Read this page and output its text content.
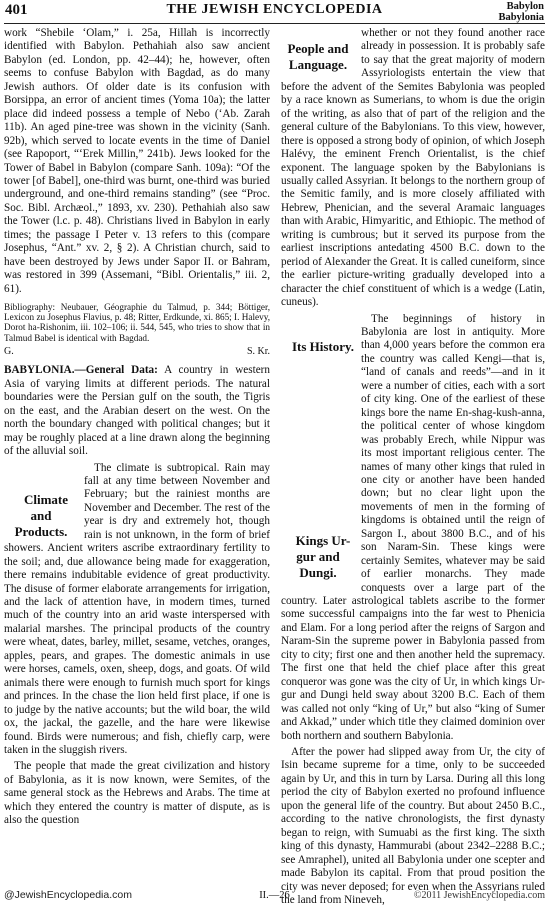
401	THE JEWISH ENCYCLOPEDIA	Babylon
Babylonia

work “Shebile ‘Olam,” i. 25a, Hillah is incorrectly identified with Babylon. Pethahiah also saw ancient Babylon (ed. London, pp. 42–44); he, however, often seems to confuse Babylon with Bagdad, as do many Jewish authors. Of older date is its confusion with Borsippa, an error of ancient times (Yoma 10a); the latter place did indeed possess a temple of Nebo (‘Ab. Zarah 11b). An aged pine-tree was shown in the vicinity (Sanh. 92b), which served to locate events in the time of Daniel (see Rapoport, “‘Erek Millin,” 241b). Jews looked for the Tower of Babel in Babylon (compare Sanh. 109a): “Of the tower [of Babel], one-third was burnt, one-third was buried underground, and one-third remains standing” (see “Proc. Soc. Bibl. Archæol.,” 1893, xv. 230). Pethahiah also saw the Tower (l.c. p. 48). Christians lived in Babylon in early times; the passage I Peter v. 13 refers to this (compare Josephus, “Ant.” xv. 2, § 2). A Christian church, said to have been destroyed by Jews under Sapor II. or Bahram, was restored in 399 (Assemani, “Bibl. Orientalis,” iii. 2, 61).

Bibliography: Neubauer, Géographie du Talmud, p. 344; Böttiger, Lexicon zu Josephus Flavius, p. 48; Ritter, Erdkunde, xi. 865; I. Halevy, Dorot ha-Rishonim, iii. 102–106; ii. 544, 545, who tries to show that in Talmud Babel is identical with Bagdad.
G.	S. Kr.

BABYLONIA.—General Data: A country in western Asia of varying limits at different periods. The natural boundaries were the Persian gulf on the south, the Tigris on the east, and the Arabian desert on the west. On the north the boundary changed with political changes; but it may be roughly placed at a line drawn along the beginning of the alluvial soil.

Climate and Products.
The climate is subtropical. Rain may fall at any time between November and February; but the rainiest months are November and December. The rest of the year is dry and extremely hot, though rain is not unknown, in the form of brief showers. Ancient writers ascribe extraordinary fertility to the soil; and, due allowance being made for exaggeration, there remains indubitable evidence of great productivity. The disuse of former elaborate arrangements for irrigation, and the lack of attention have, in modern times, turned much of the country into an arid waste interspersed with malarial marshes. The principal products of the country were wheat, dates, barley, millet, sesame, vetches, oranges, apples, pears, and grapes. The domestic animals in use were horses, camels, oxen, sheep, dogs, and goats. Of wild animals there were enough to furnish much sport for kings and princes. In the chase the lion held first place, if one is to judge by the native accounts; but the wild boar, the wild ox, the jackal, the gazelle, and the hare were likewise found. Birds were numerous; and fish, chiefly carp, were taken in the sluggish rivers.

The people that made the great civilization and history of Babylonia, as it is now known, were Semites, of the same general stock as the Hebrews and Arabs. The time at which they entered the country is matter of dispute, as is also the question

People and Language.
whether or not they found another race already in possession. It is probably safe to say that the great majority of modern Assyriologists entertain the view that before the advent of the Semites Babylonia was peopled by a race known as Sumerians, to whom is due the origin of the writing, as also that of part of the religion and the general culture of the Babylonians. To this view, however, there is opposed a strong body of opinion, of which Joseph Halévy, the eminent French Orientalist, is the chief exponent. The language spoken by the Babylonians is usually called Assyrian. It belongs to the northern group of the Semitic family, and is more closely affiliated with Hebrew, Phenician, and the several Aramaic languages than with Arabic, Himyaritic, and Ethiopic. The method of writing is cumbrous; but it served its purpose from the earliest inscriptions antedating 4500 B.C. down to the period of Alexander the Great. It is called cuneiform, since the earlier picture-writing gradually developed into a character the chief constituent of which is a wedge (Latin, cuneus).

Its History.
Kings Ur-gur and Dungi.
The beginnings of history in Babylonia are lost in antiquity. More than 4,000 years before the common era the country was called Kengi—that is, “land of canals and reeds”—and in it were a number of cities, each with a sort of city king. One of the earliest of these kings bore the name En-shag-kush-anna, the political center of whose kingdom was probably Erech, while Nippur was its most important religious center. The names of many other kings that ruled in one city or another have been handed down; but no clear light upon the movements of men in the forming of kingdoms is obtained until the reign of Sargon I., about 3800 B.C., and of his son Naram-Sin. These kings were certainly Semites, whatever may be said of earlier monarchs. They made conquests over a large part of the country. Later astrological tablets ascribe to the former some successful campaigns into the far west to Phenicia and Elam. For a long period after the reigns of Sargon and Naram-Sin the supreme power in Babylonia passed from city to city; first one and then another held the supremacy. The first one that held the chief place after this great conqueror was gone was the city of Ur, in which kings Ur-gur and Dungi held sway about 3200 B.C. Each of them was called not only “king of Ur,” but also “king of Sumer and Akkad,” under which title they claimed dominion over both northern and southern Babylonia.

After the power had slipped away from Ur, the city of Isin became supreme for a time, only to be succeeded again by Ur, and this in turn by Larsa. During all this long period the city of Babylon exerted no profound influence upon the general life of the country. But about 2450 B.C., according to the native chronologists, the first dynasty began to reign, with Sumuabi as the first king. The sixth king of this dynasty, Hammurabi (about 2342–2288 B.C.; see Amraphel), united all Babylonia under one scepter and made Babylon its capital. From that proud position the city was never deposed; for even when the Assyrians ruled the land from Nineveh,

@JewishEncyclopedia.com	II.—26	©2011 JewishEncyclopedia.com
